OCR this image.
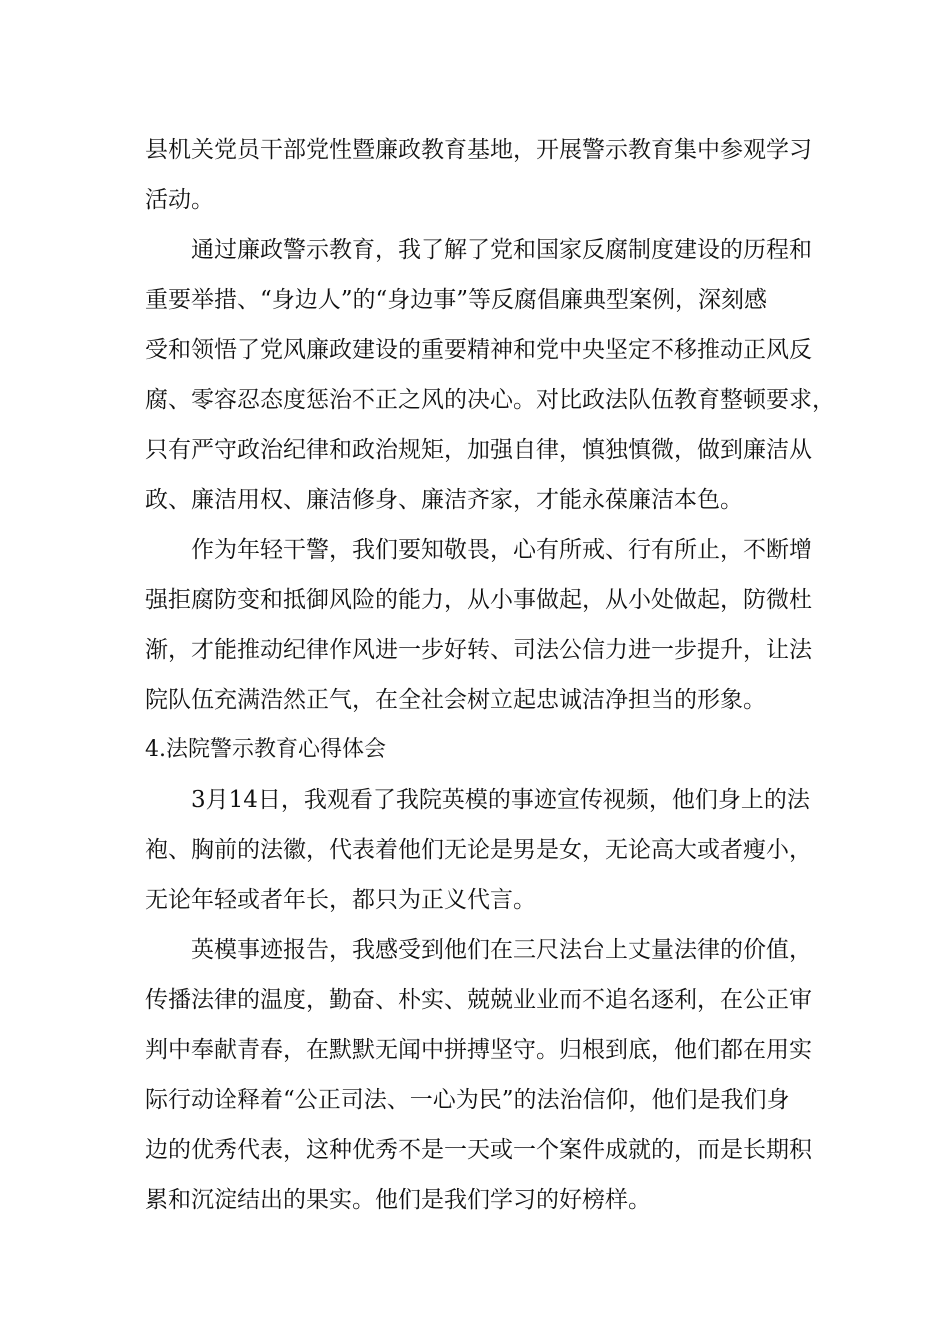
县机关党员干部党性暨廉政教育基地，开展警示教育集中参观学习
活动。
通过廉政警示教育，我了解了党和国家反腐制度建设的历程和
重要举措、“身边人”的“身边事”等反腐倡廉典型案例，深刻感
受和领悟了党风廉政建设的重要精神和党中央坚定不移推动正风反
腐、零容忍态度惩治不正之风的决心。对比政法队伍教育整顿要求，
只有严守政治纪律和政治规矩，加强自律，慎独慎微，做到廉洁从
政、廉洁用权、廉洁修身、廉洁齐家，才能永葆廉洁本色。
作为年轻干警，我们要知敬畏，心有所戒、行有所止，不断增
强拒腐防变和抵御风险的能力，从小事做起，从小处做起，防微杜
渐，才能推动纪律作风进一步好转、司法公信力进一步提升，让法
院队伍充满浩然正气，在全社会树立起忠诚洁净担当的形象。
4.法院警示教育心得体会
3月14日，我观看了我院英模的事迹宣传视频，他们身上的法
袍、胸前的法徽，代表着他们无论是男是女，无论高大或者瘦小，
无论年轻或者年长，都只为正义代言。
英模事迹报告，我感受到他们在三尺法台上丈量法律的价值，
传播法律的温度，勤奋、朴实、兢兢业业而不追名逐利，在公正审
判中奉献青春，在默默无闻中拼搏坚守。归根到底，他们都在用实
际行动诠释着“公正司法、一心为民”的法治信仰，他们是我们身
边的优秀代表，这种优秀不是一天或一个案件成就的，而是长期积
累和沉淀结出的果实。他们是我们学习的好榜样。
